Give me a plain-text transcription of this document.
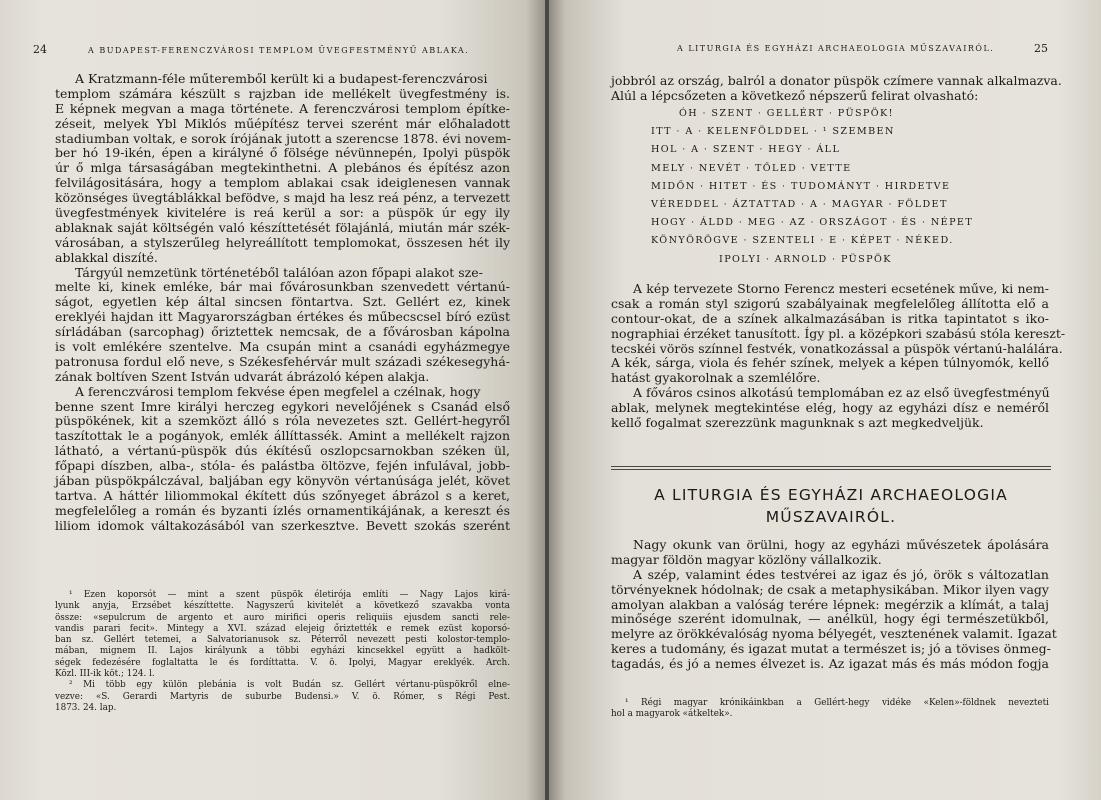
24	A BUDAPEST-FERENCZVÁROSI TEMPLOM ÜVEGFESTMÉNYŰ ABLAKA.
A Kratzmann-féle műteremből került ki a budapest-ferenczvárosi
templom számára készült s rajzban ide mellékelt üvegfestmény is.
E képnek megvan a maga története. A ferenczvárosi templom építke-
zéseit, melyek Ybl Miklós műépítész tervei szerént már előhaladott
stadiumban voltak, e sorok írójának jutott a szerencse 1878. évi novem-
ber hó 19-ikén, épen a királyné ő fölsége névünnepén, Ipolyi püspök
úr ő mlga társaságában megtekinthetni. A plebános és építész azon
felvilágositására, hogy a templom ablakai csak ideiglenesen vannak
közönséges üvegtáblákkal befödve, s majd ha lesz reá pénz, a tervezett
üvegfestmények kivitelére is reá kerül a sor: a püspök úr egy ily
ablaknak saját költségén való készíttetését fölajánlá, miután már szék-
városában, a stylszerűleg helyreállított templomokat, összesen hét ily
ablakkal diszíté.
Tárgyúl nemzetünk történetéből találóan azon főpapi alakot sze-
melte ki, kinek emléke, bár mai fővárosunkban szenvedett vértanú-
ságot, egyetlen kép által sincsen föntartva. Szt. Gellért ez, kinek
ereklyéi hajdan itt Magyarországban értékes és műbecscsel bíró ezüst
sírládában (sarcophag) őriztettek nemcsak, de a fővárosban kápolna
is volt emlékére szentelve. Ma csupán mint a csanádi egyházmegye
patronusa fordul elő neve, s Székesfehérvár mult századi székesegyhá-
zának boltíven Szent István udvarát ábrázoló képen alakja.
A ferenczvárosi templom fekvése épen megfelel a czélnak, hogy
benne szent Imre királyi herczeg egykori nevelőjének s Csanád első
püspökének, kit a szemközt álló s róla nevezetes szt. Gellért-hegyről
taszítottak le a pogányok, emlék állíttassék. Amint a mellékelt rajzon
látható, a vértanú-püspök dús ékítésű oszlopcsarnokban széken ül,
főpapi díszben, alba-, stóla- és palástba öltözve, fején infulával, jobb-
jában püspökpálczával, baljában egy könyvön vértanúsága jelét, követ
tartva. A háttér liliommokal ékített dús szőnyeget ábrázol s a keret,
megfelelőleg a román és byzanti ízlés ornamentikájának, a kereszt és
liliom idomok váltakozásából van szerkesztve. Bevett szokás szerént
¹ Ezen koporsót — mint a szent püspök életirója említi — Nagy Lajos kirá-
lyunk anyja, Erzsébet készíttette. Nagyszerű kivitelét a következő szavakba vonta
össze: «sepulcrum de argento et auro mirifici operis reliquiis ejusdem sancti rele-
vandis parari fecit». Mintegy a XVI. század elejeig őriztették e remek ezüst koporsó-
ban sz. Gellért tetemei, a Salvatorianusok sz. Péterről nevezett pesti kolostor-templo-
mában, mignem II. Lajos királyunk a többi egyházi kincsekkel együtt a hadkölt-
ségek fedezésére foglaltatta le és fordíttatta. V. ö. Ipolyi, Magyar ereklyék. Arch.
Közl. III-ik köt.; 124. l.
² Mi több egy külön plebánia is volt Budán sz. Gellért vértanu-püspökről elne-
vezve: «S. Gerardi Martyris de suburbe Budensi.» V. ö. Rómer, s Régi Pest.
1873. 24. lap.
A LITURGIA ÉS EGYHÁZI ARCHAEOLOGIA MŰSZAVAIRÓL.	25
jobbról az ország, balról a donator püspök czímere vannak alkalmazva.
Alúl a lépcsőzeten a következő népszerű felirat olvasható:
ÓH · SZENT · GELLÉRT · PÜSPÖK!
ITT · A · KELENFÖLDDEL · ¹ SZEMBEN
HOL · A · SZENT · HEGY · ÁLL
MELY · NEVÉT · TŐLED · VETTE
MIDŐN · HITET · ÉS · TUDOMÁNYT · HIRDETVE
VÉREDDEL · ÁZTATTAD · A · MAGYAR · FÖLDET
HOGY · ÁLDD · MEG · AZ · ORSZÁGOT · ÉS · NÉPET
KÖNYÖRÖGVE · SZENTELI · E · KÉPET · NÉKED.
IPOLYI · ARNOLD · PÜSPÖK
A kép tervezete Storno Ferencz mesteri ecsetének műve, ki nem-
csak a román styl szigorú szabályainak megfelelőleg állította elő a
contour-okat, de a színek alkalmazásában is ritka tapintatot s iko-
nographiai érzéket tanusított. Így pl. a középkori szabású stóla kereszt-
tecskéi vörös színnel festvék, vonatkozással a püspök vértanú-halálára.
A kék, sárga, viola és fehér színek, melyek a képen túlnyomók, kellő
hatást gyakorolnak a szemlélőre.
A főváros csinos alkotású templomában ez az első üvegfestményű
ablak, melynek megtekintése elég, hogy az egyházi dísz e neméről
kellő fogalmat szerezzünk magunknak s azt megkedveljük.
A LITURGIA ÉS EGYHÁZI ARCHAEOLOGIA
MŰSZAVAIRÓL.
Nagy okunk van örülni, hogy az egyházi művészetek ápolására
magyar földön magyar közlöny vállalkozik.
A szép, valamint édes testvérei az igaz és jó, örök s változatlan
törvényeknek hódolnak; de csak a metaphysikában. Mikor ilyen vagy
amolyan alakban a valóság terére lépnek: megérzik a klímát, a talaj
minősége szerént idomulnak, — anélkül, hogy égi természetükből,
melyre az örökkévalóság nyoma bélyegét, vesztenének valamit. Igazat
keres a tudomány, és igazat mutat a természet is; jó a tövises önmeg-
tagadás, és jó a nemes élvezet is. Az igazat más és más módon fogja
¹ Régi magyar krónikáinkban a Gellért-hegy vidéke «Kelen»-földnek nevezteti
hol a magyarok «átkeltek».
